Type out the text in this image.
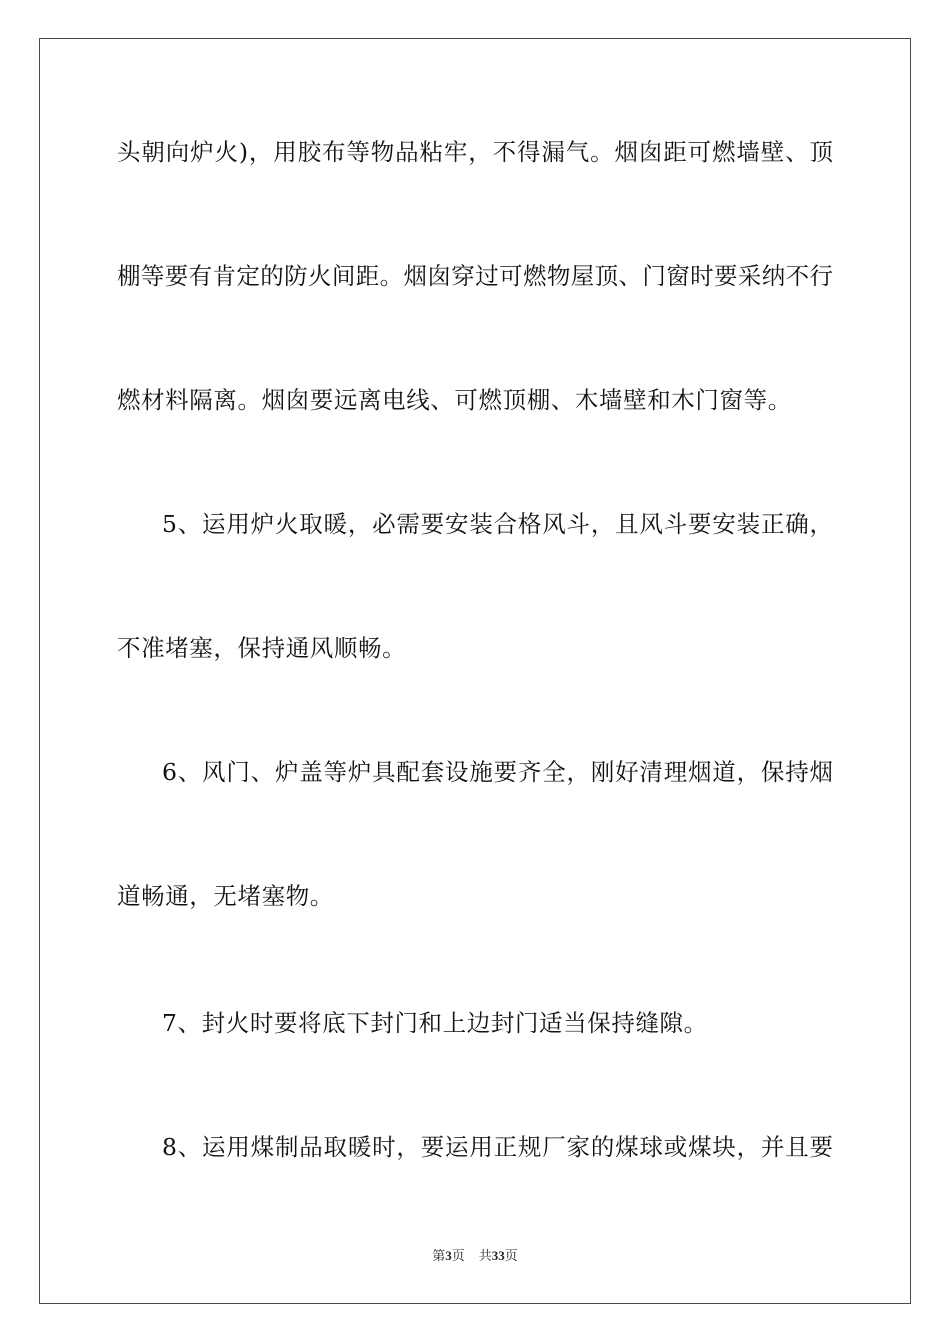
头朝向炉火)，用胶布等物品粘牢，不得漏气。烟囱距可燃墙壁、顶
棚等要有肯定的防火间距。烟囱穿过可燃物屋顶、门窗时要采纳不行
燃材料隔离。烟囱要远离电线、可燃顶棚、木墙壁和木门窗等。
5、运用炉火取暖，必需要安装合格风斗，且风斗要安装正确，
不准堵塞，保持通风顺畅。
6、风门、炉盖等炉具配套设施要齐全，刚好清理烟道，保持烟
道畅通，无堵塞物。
7、封火时要将底下封门和上边封门适当保持缝隙。
8、运用煤制品取暖时，要运用正规厂家的煤球或煤块，并且要
第3页 共33页
